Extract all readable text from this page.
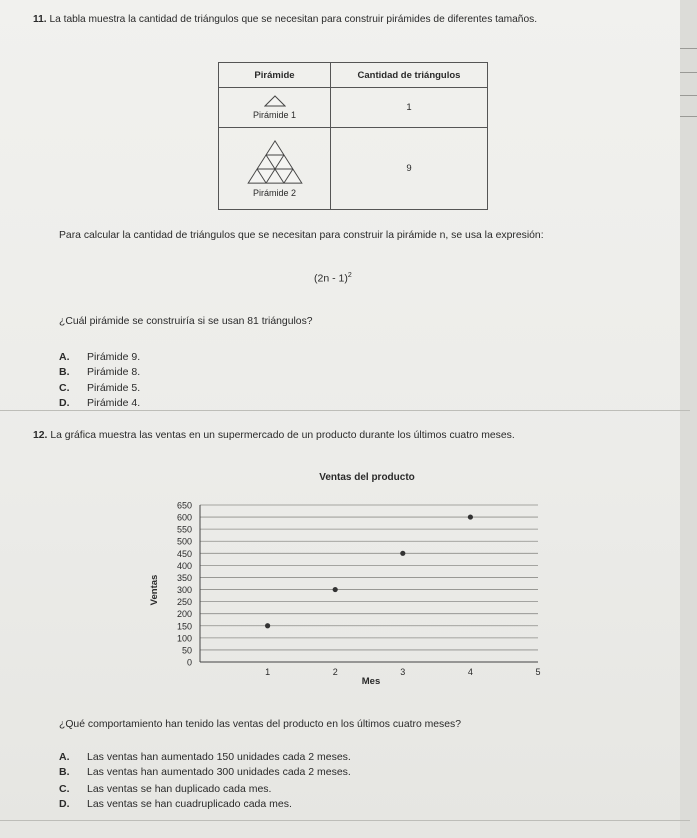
11. La tabla muestra la cantidad de triángulos que se necesitan para construir pirámides de diferentes tamaños.
Pirámide	Cantidad de triángulos

Pirámide 1	1

Pirámide 2	9
Para calcular la cantidad de triángulos que se necesitan para construir la pirámide n, se usa la expresión:
(2n - 1)$^2$
¿Cuál pirámide se construiría si se usan 81 triángulos?
A. Pirámide 9.
B. Pirámide 8.
C. Pirámide 5.
D. Pirámide 4.
12. La gráfica muestra las ventas en un supermercado de un producto durante los últimos cuatro meses.
Ventas del producto
Ventas
Mes
0
50
100
150
200
250
300
350
400
450
500
550
600
650
1	2	3	4	5
¿Qué comportamiento han tenido las ventas del producto en los últimos cuatro meses?
A. Las ventas han aumentado 150 unidades cada 2 meses.
B. Las ventas han aumentado 300 unidades cada 2 meses.
C. Las ventas se han duplicado cada mes.
D. Las ventas se han cuadruplicado cada mes.
